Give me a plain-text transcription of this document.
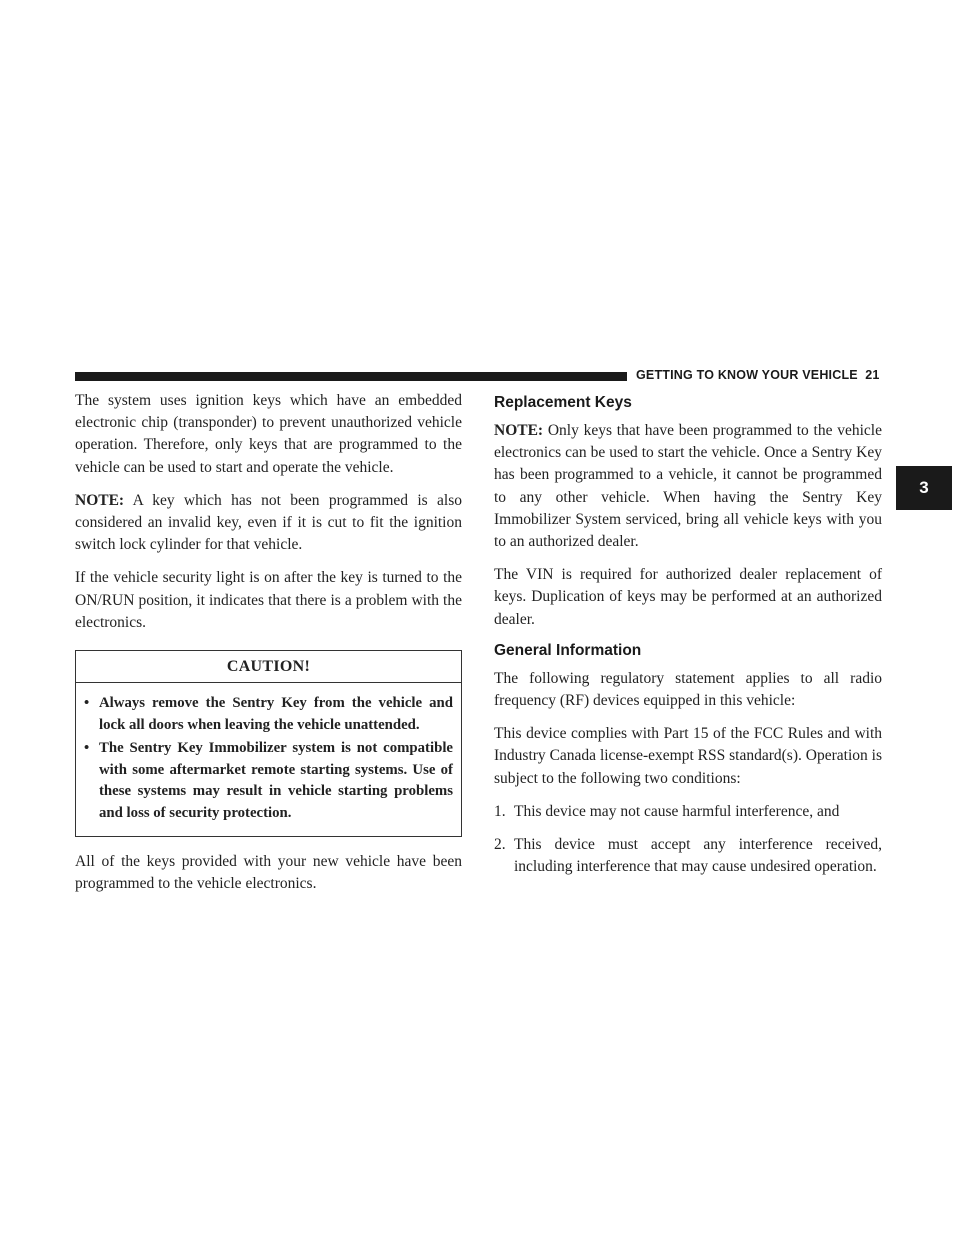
GETTING TO KNOW YOUR VEHICLE 21
3

The system uses ignition keys which have an embedded electronic chip (transponder) to prevent unauthorized vehicle operation. Therefore, only keys that are programmed to the vehicle can be used to start and operate the vehicle.

NOTE: A key which has not been programmed is also considered an invalid key, even if it is cut to fit the ignition switch lock cylinder for that vehicle.

If the vehicle security light is on after the key is turned to the ON/RUN position, it indicates that there is a problem with the electronics.

CAUTION!
• Always remove the Sentry Key from the vehicle and lock all doors when leaving the vehicle unattended.
• The Sentry Key Immobilizer system is not compatible with some aftermarket remote starting systems. Use of these systems may result in vehicle starting problems and loss of security protection.

All of the keys provided with your new vehicle have been programmed to the vehicle electronics.

Replacement Keys

NOTE: Only keys that have been programmed to the vehicle electronics can be used to start the vehicle. Once a Sentry Key has been programmed to a vehicle, it cannot be programmed to any other vehicle. When having the Sentry Key Immobilizer System serviced, bring all vehicle keys with you to an authorized dealer.

The VIN is required for authorized dealer replacement of keys. Duplication of keys may be performed at an authorized dealer.

General Information

The following regulatory statement applies to all radio frequency (RF) devices equipped in this vehicle:

This device complies with Part 15 of the FCC Rules and with Industry Canada license-exempt RSS standard(s). Operation is subject to the following two conditions:

1. This device may not cause harmful interference, and
2. This device must accept any interference received, including interference that may cause undesired operation.
